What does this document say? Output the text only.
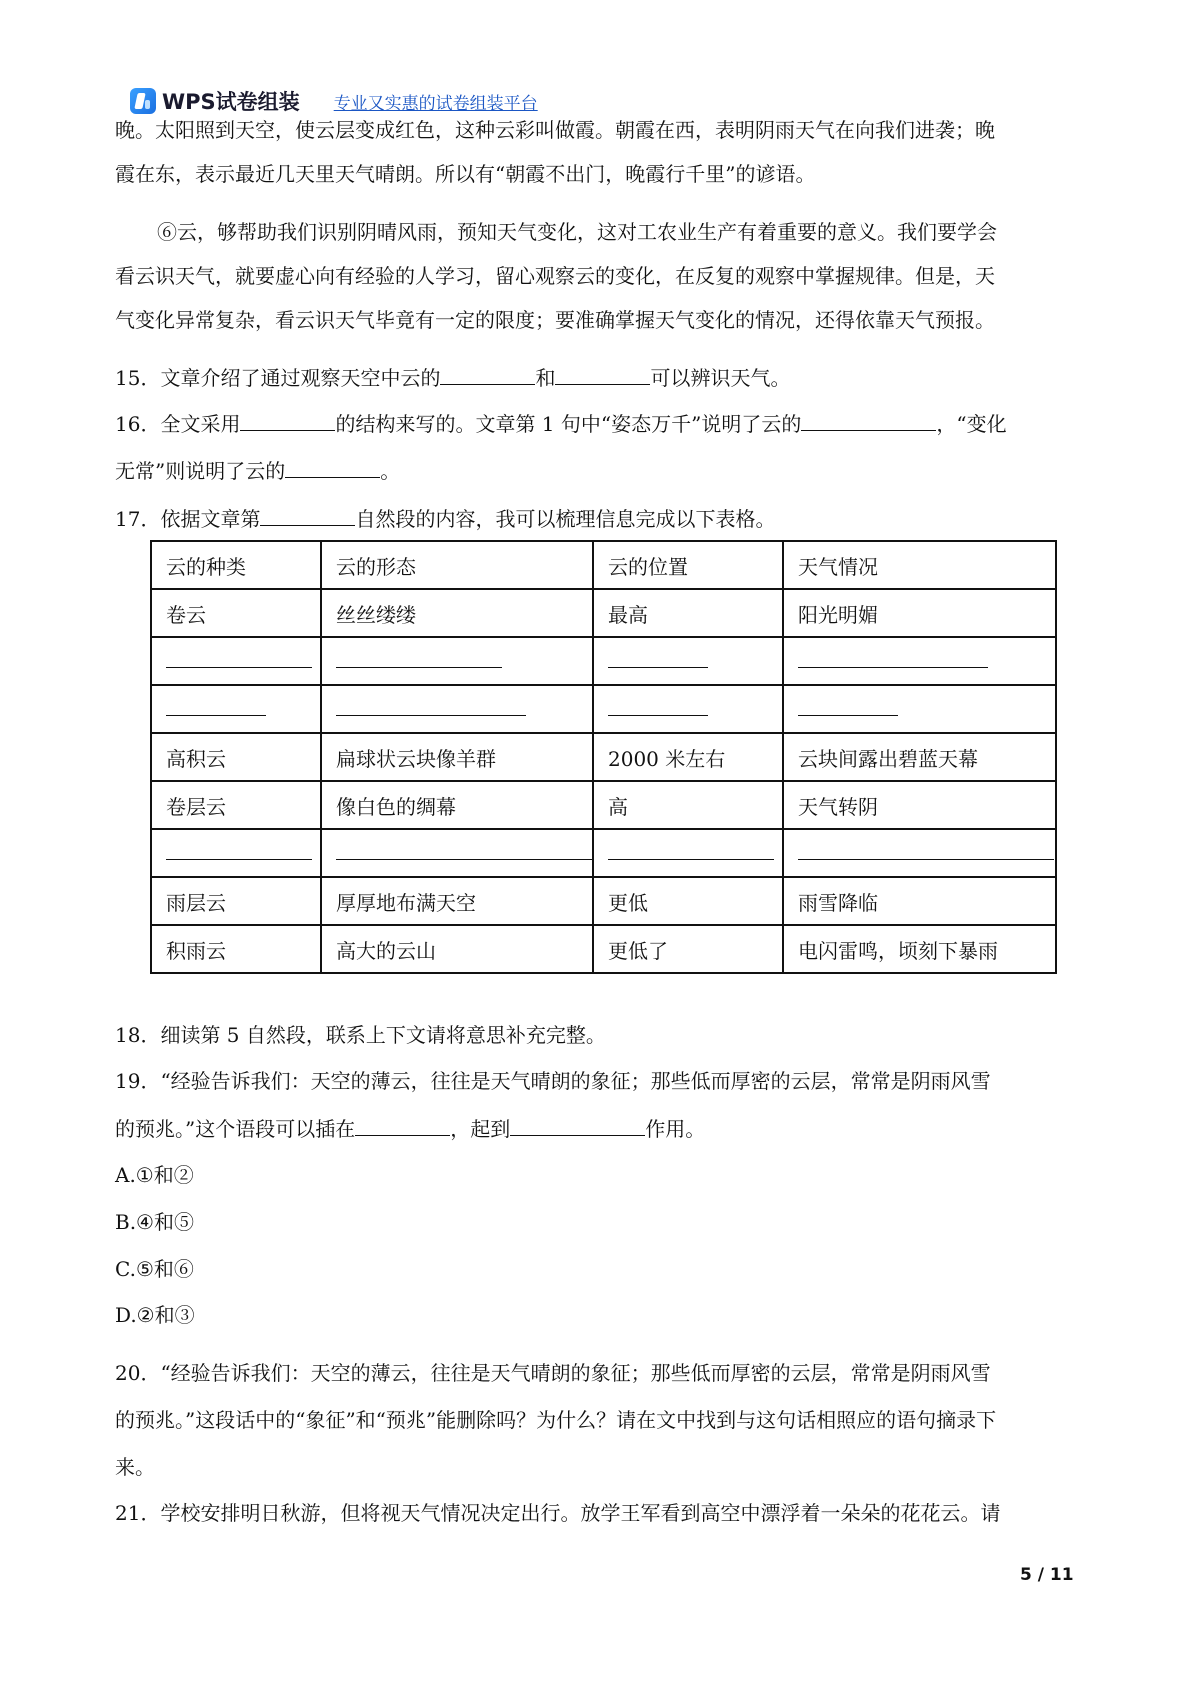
WPS试卷组装 专业又实惠的试卷组装平台
晚。太阳照到天空，使云层变成红色，这种云彩叫做霞。朝霞在西，表明阴雨天气在向我们进袭；晚
霞在东，表示最近几天里天气晴朗。所以有“朝霞不出门，晚霞行千里”的谚语。
⑥云，够帮助我们识别阴晴风雨，预知天气变化，这对工农业生产有着重要的意义。我们要学会
看云识天气，就要虚心向有经验的人学习，留心观察云的变化，在反复的观察中掌握规律。但是，天
气变化异常复杂，看云识天气毕竟有一定的限度；要准确掌握天气变化的情况，还得依靠天气预报。
15．文章介绍了通过观察天空中云的	和	可以辨识天气。
16．全文采用	的结构来写的。文章第 1 句中“姿态万千”说明了云的	，“变化
无常”则说明了云的	。
17．依据文章第	自然段的内容，我可以梳理信息完成以下表格。
云的种类	云的形态	云的位置	天气情况
卷云	丝丝缕缕	最高	阳光明媚

高积云	扁球状云块像羊群	2000 米左右	云块间露出碧蓝天幕
卷层云	像白色的绸幕	高	天气转阴

雨层云	厚厚地布满天空	更低	雨雪降临
积雨云	高大的云山	更低了	电闪雷鸣，顷刻下暴雨
18．细读第 5 自然段，联系上下文请将意思补充完整。
19．“经验告诉我们：天空的薄云，往往是天气晴朗的象征；那些低而厚密的云层，常常是阴雨风雪
的预兆。”这个语段可以插在	，起到	作用。
A.①和②
B.④和⑤
C.⑤和⑥
D.②和③
20．“经验告诉我们：天空的薄云，往往是天气晴朗的象征；那些低而厚密的云层，常常是阴雨风雪
的预兆。”这段话中的“象征”和“预兆”能删除吗？为什么？请在文中找到与这句话相照应的语句摘录下
来。
21．学校安排明日秋游，但将视天气情况决定出行。放学王军看到高空中漂浮着一朵朵的花花云。请
5 / 11
